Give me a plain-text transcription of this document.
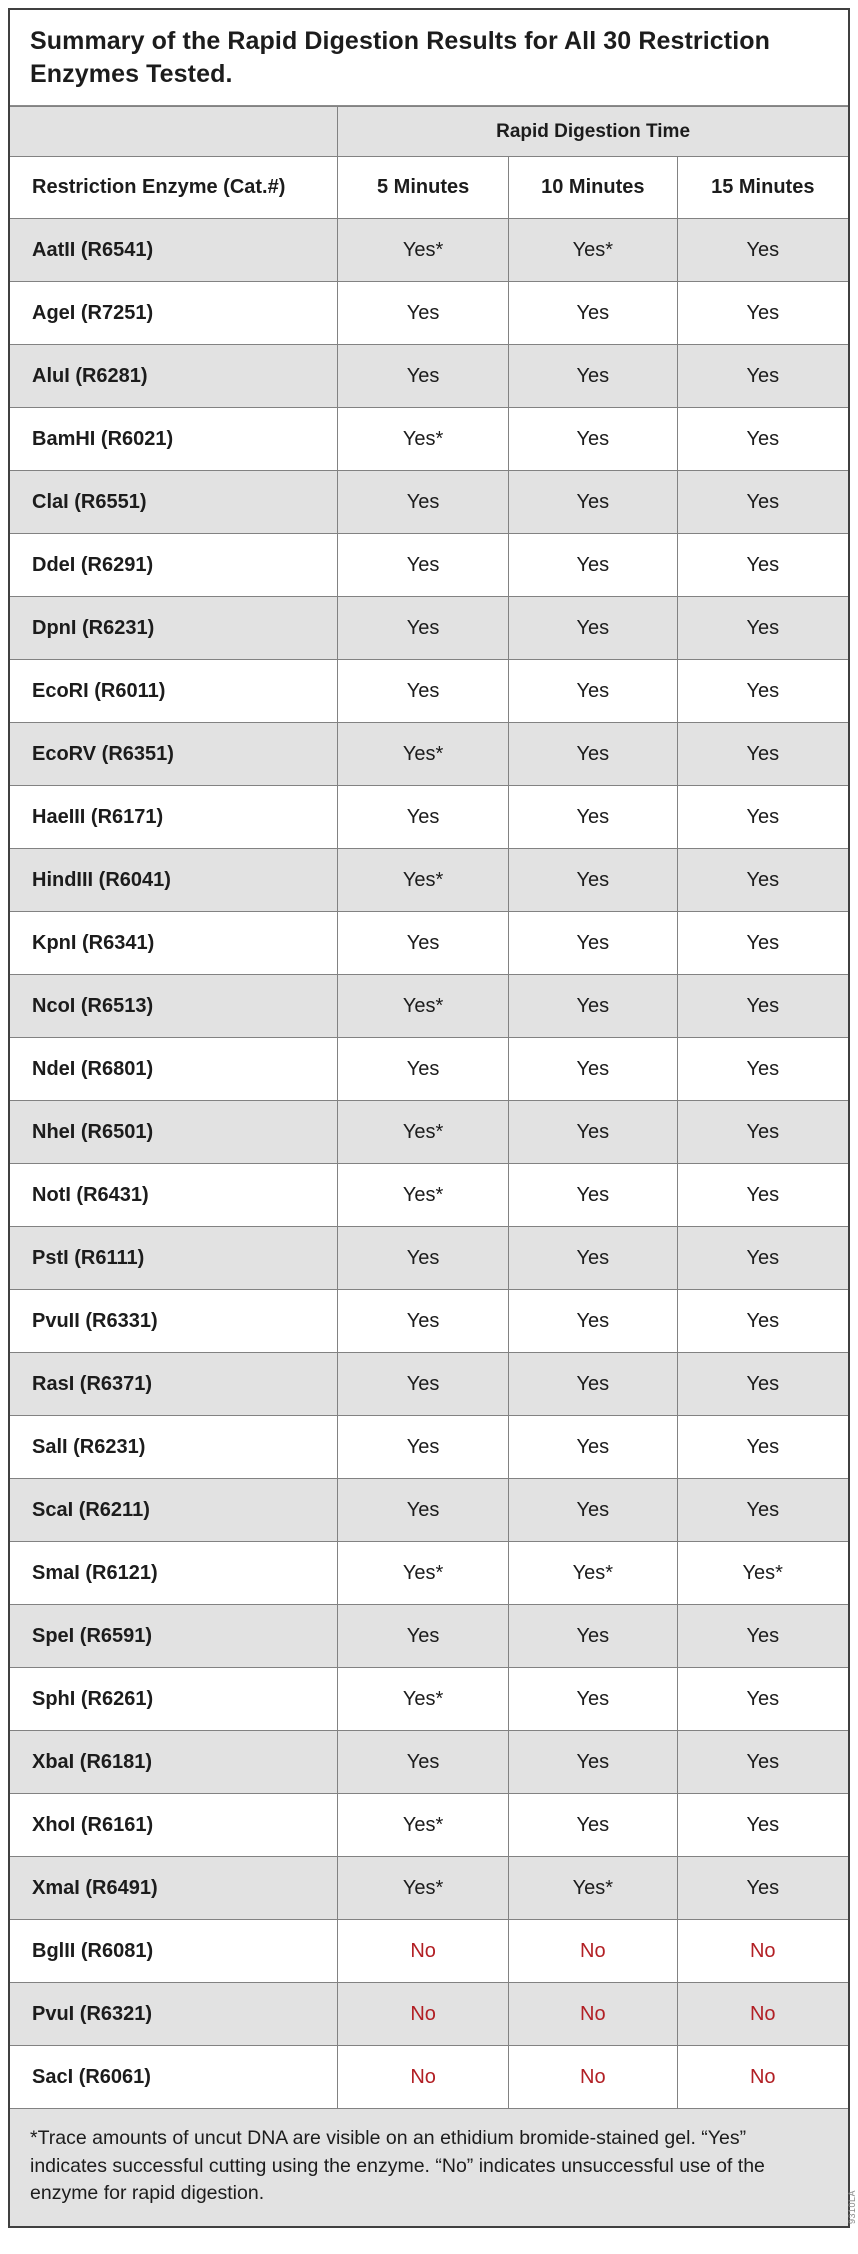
Summary of the Rapid Digestion Results for All 30 Restriction Enzymes Tested.
	Rapid Digestion Time		
Restriction Enzyme (Cat.#)	5 Minutes	10 Minutes	15 Minutes
AatII (R6541)	Yes*	Yes*	Yes
AgeI (R7251)	Yes	Yes	Yes
AluI (R6281)	Yes	Yes	Yes
BamHI (R6021)	Yes*	Yes	Yes
ClaI (R6551)	Yes	Yes	Yes
DdeI (R6291)	Yes	Yes	Yes
DpnI (R6231)	Yes	Yes	Yes
EcoRI (R6011)	Yes	Yes	Yes
EcoRV (R6351)	Yes*	Yes	Yes
HaeIII (R6171)	Yes	Yes	Yes
HindIII (R6041)	Yes*	Yes	Yes
KpnI (R6341)	Yes	Yes	Yes
NcoI (R6513)	Yes*	Yes	Yes
NdeI (R6801)	Yes	Yes	Yes
NheI (R6501)	Yes*	Yes	Yes
NotI (R6431)	Yes*	Yes	Yes
PstI (R6111)	Yes	Yes	Yes
PvuII (R6331)	Yes	Yes	Yes
RasI (R6371)	Yes	Yes	Yes
SalI (R6231)	Yes	Yes	Yes
ScaI (R6211)	Yes	Yes	Yes
SmaI (R6121)	Yes*	Yes*	Yes*
SpeI (R6591)	Yes	Yes	Yes
SphI (R6261)	Yes*	Yes	Yes
XbaI (R6181)	Yes	Yes	Yes
XhoI (R6161)	Yes*	Yes	Yes
XmaI (R6491)	Yes*	Yes*	Yes
BglII (R6081)	No	No	No
PvuI (R6321)	No	No	No
SacI (R6061)	No	No	No
*Trace amounts of uncut DNA are visible on an ethidium bromide-stained gel. “Yes” indicates successful cutting using the enzyme. “No” indicates unsuccessful use of the enzyme for rapid digestion.				9310LA
